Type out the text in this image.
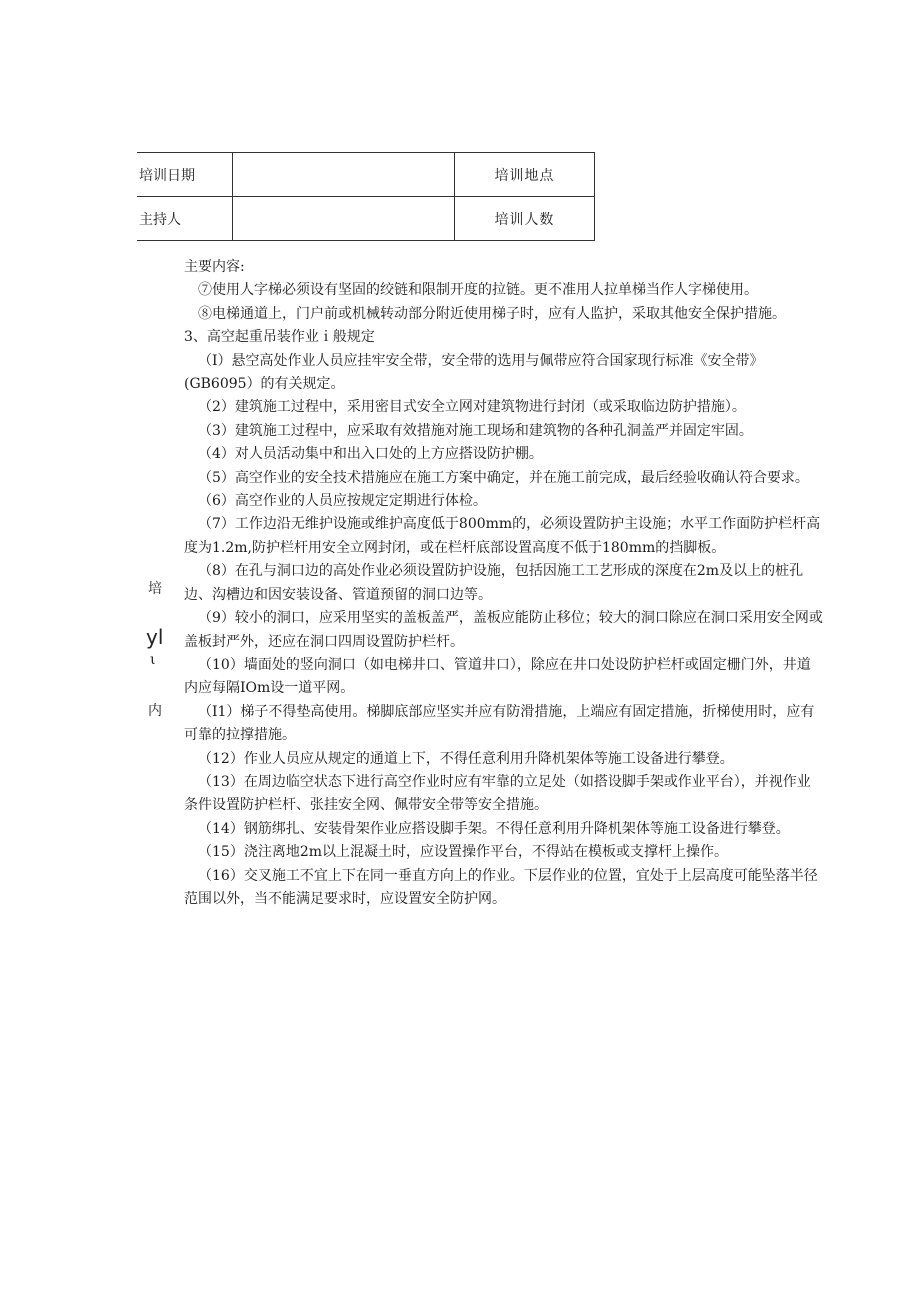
培训日期		培训地点
主持人		培训人数
培
yl
ι
内

主要内容:

⑦使用人字梯必须设有坚固的绞链和限制开度的拉链。更不准用人拉单梯当作人字梯使用。

⑧电梯通道上，门户前或机械转动部分附近使用梯子时，应有人监护，采取其他安全保护措施。

3、高空起重吊装作业ｉ般规定

（I）悬空高处作业人员应挂牢安全带，安全带的选用与佩带应符合国家现行标准《安全带》(GB6095）的有关规定。

（2）建筑施工过程中，采用密目式安全立网对建筑物进行封闭（或采取临边防护措施）。

（3）建筑施工过程中，应采取有效措施对施工现场和建筑物的各种孔洞盖严并固定牢固。

（4）对人员活动集中和出入口处的上方应搭设防护棚。

（5）高空作业的安全技术措施应在施工方案中确定，并在施工前完成，最后经验收确认符合要求。

（6）高空作业的人员应按规定定期进行体检。

（7）工作边沿无维护设施或维护高度低于800mm的，必须设置防护主设施；水平工作面防护栏杆高度为1.2m,防护栏杆用安全立网封闭，或在栏杆底部设置高度不低于180mm的挡脚板。

（8）在孔与洞口边的高处作业必须设置防护设施，包括因施工工艺形成的深度在2m及以上的桩孔边、沟槽边和因安装设备、管道预留的洞口边等。

（9）较小的洞口，应采用坚实的盖板盖严，盖板应能防止移位；较大的洞口除应在洞口采用安全网或盖板封严外，还应在洞口四周设置防护栏杆。

（10）墙面处的竖向洞口（如电梯井口、管道井口），除应在井口处设防护栏杆或固定栅门外，井道内应每隔IOm设一道平网。

（I1）梯子不得垫高使用。梯脚底部应坚实并应有防滑措施，上端应有固定措施，折梯使用时，应有可靠的拉撑措施。

（12）作业人员应从规定的通道上下，不得任意利用升降机架体等施工设备进行攀登。

（13）在周边临空状态下进行高空作业时应有牢靠的立足处（如搭设脚手架或作业平台），并视作业条件设置防护栏杆、张挂安全网、佩带安全带等安全措施。

（14）钢筋绑扎、安装骨架作业应搭设脚手架。不得任意利用升降机架体等施工设备进行攀登。

（15）浇注离地2m以上混凝土时，应设置操作平台，不得站在模板或支撑杆上操作。

（16）交叉施工不宜上下在同一垂直方向上的作业。下层作业的位置，宜处于上层高度可能坠落半径范围以外，当不能满足要求时，应设置安全防护网。
